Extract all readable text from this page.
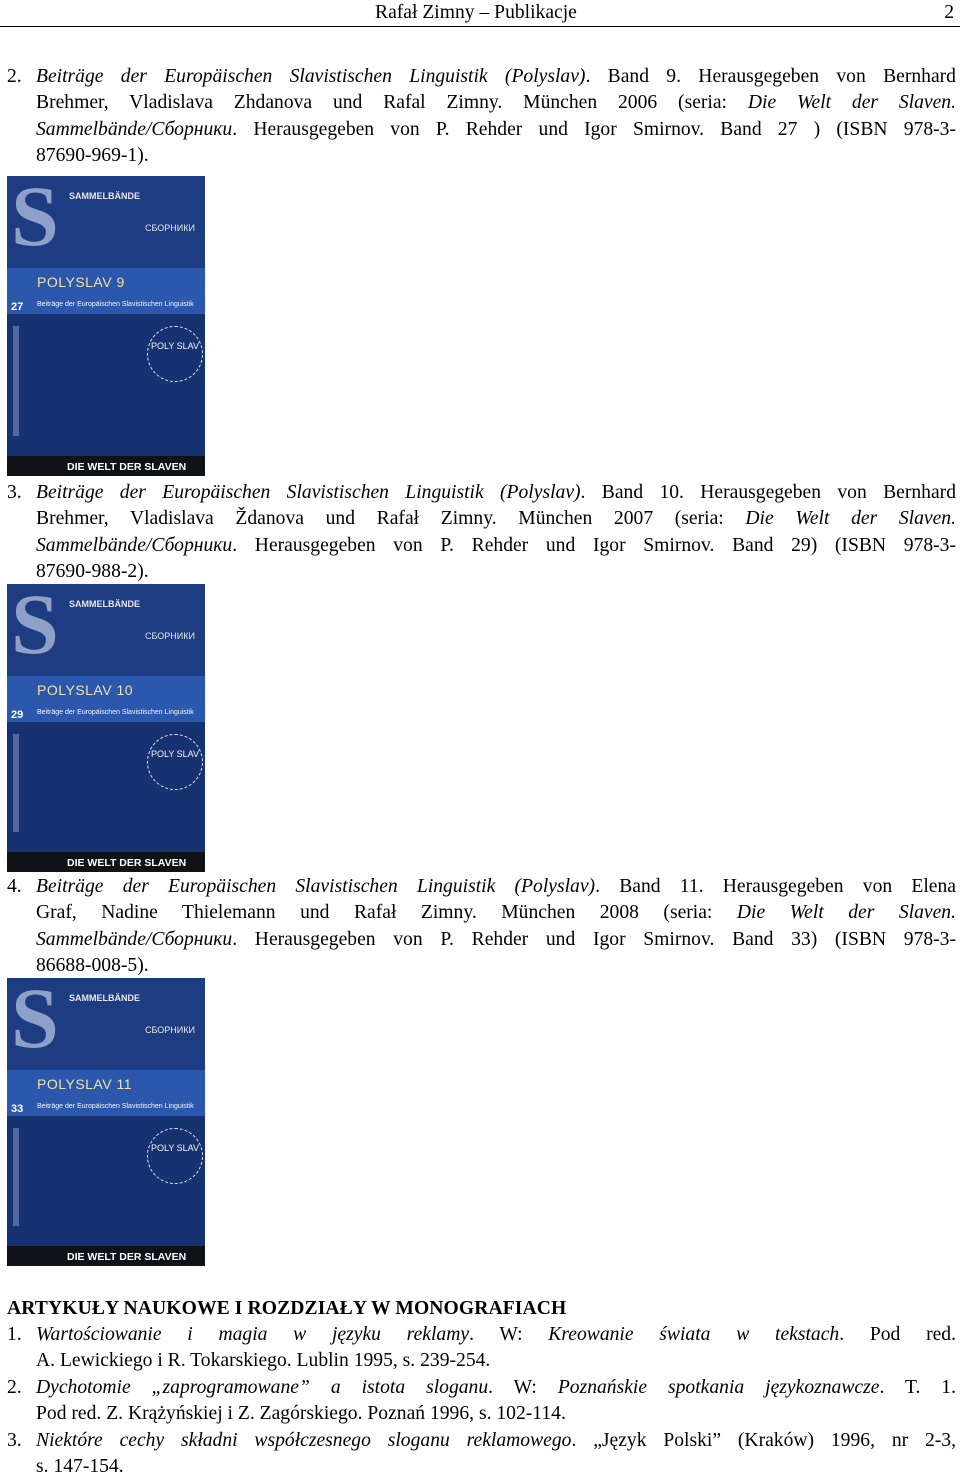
Rafał Zimny – Publikacje	2
2. Beiträge der Europäischen Slavistischen Linguistik (Polyslav). Band 9. Herausgegeben von Bernhard
Brehmer, Vladislava Zhdanova und Rafal Zimny. München 2006 (seria: Die Welt der Slaven.
Sammelbände/Сборники. Herausgegeben von P. Rehder und Igor Smirnov. Band 27 ) (ISBN 978-3-
87690-969-1).
S SAMMELBÄNDE
СБОРНИКИ
POLYSLAV 9
27 Beiträge der Europäischen Slavistischen Linguistik
POLY SLAV
DIE WELT DER SLAVEN
3. Beiträge der Europäischen Slavistischen Linguistik (Polyslav). Band 10. Herausgegeben von Bernhard
Brehmer, Vladislava Ždanova und Rafał Zimny. München 2007 (seria: Die Welt der Slaven.
Sammelbände/Сборники. Herausgegeben von P. Rehder und Igor Smirnov. Band 29) (ISBN 978-3-
87690-988-2).
S SAMMELBÄNDE
СБОРНИКИ
POLYSLAV 10
29 Beiträge der Europäischen Slavistischen Linguistik
POLY SLAV
DIE WELT DER SLAVEN
4. Beiträge der Europäischen Slavistischen Linguistik (Polyslav). Band 11. Herausgegeben von Elena
Graf, Nadine Thielemann und Rafał Zimny. München 2008 (seria: Die Welt der Slaven.
Sammelbände/Сборники. Herausgegeben von P. Rehder und Igor Smirnov. Band 33) (ISBN 978-3-
86688-008-5).
S SAMMELBÄNDE
СБОРНИКИ
POLYSLAV 11
33 Beiträge der Europäischen Slavistischen Linguistik
POLY SLAV
DIE WELT DER SLAVEN
ARTYKUŁY NAUKOWE I ROZDZIAŁY W MONOGRAFIACH
1. Wartościowanie i magia w języku reklamy. W: Kreowanie świata w tekstach. Pod red.
A. Lewickiego i R. Tokarskiego. Lublin 1995, s. 239-254.
2. Dychotomie „zaprogramowane” a istota sloganu. W: Poznańskie spotkania językoznawcze. T. 1.
Pod red. Z. Krążyńskiej i Z. Zagórskiego. Poznań 1996, s. 102-114.
3. Niektóre cechy składni współczesnego sloganu reklamowego. „Język Polski” (Kraków) 1996, nr 2-3,
s. 147-154.
